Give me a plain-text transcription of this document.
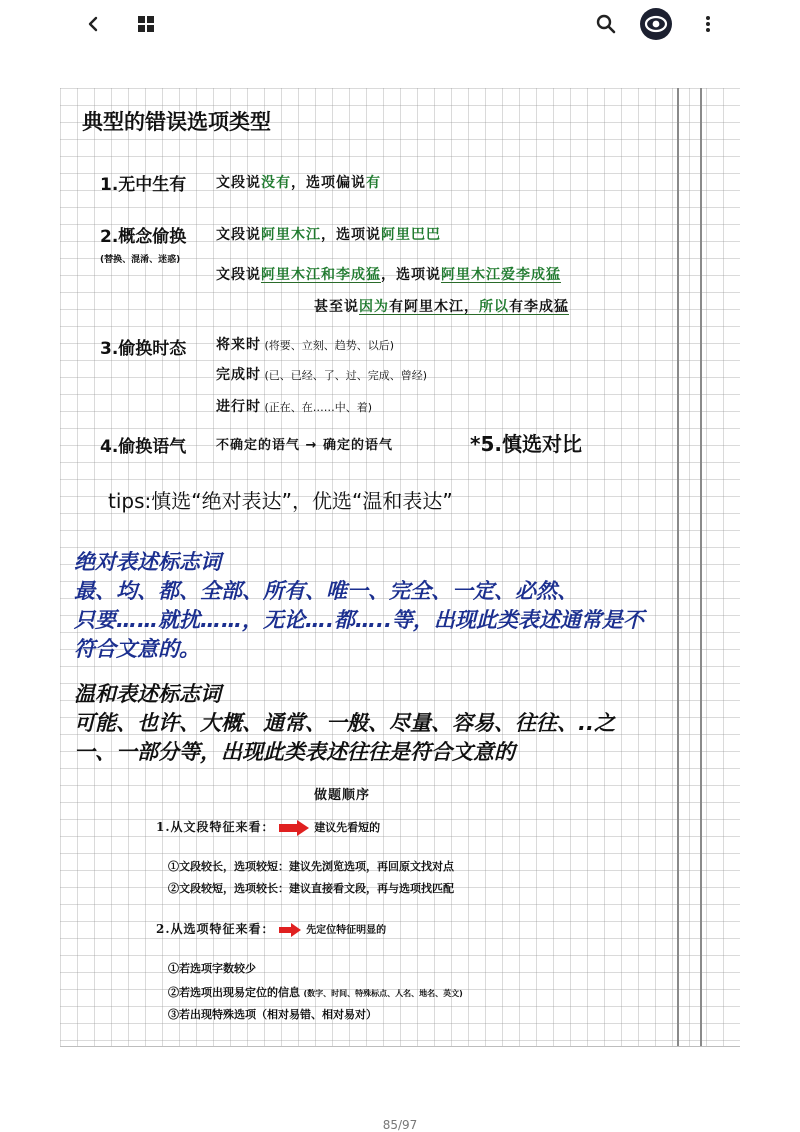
典型的错误选项类型
1.无中生有 文段说没有，选项偏说有
2.概念偷换
(替换、混淆、迷惑)
文段说阿里木江，选项说阿里巴巴
文段说阿里木江和李成猛，选项说阿里木江爱李成猛
甚至说因为有阿里木江，所以有李成猛
3.偷换时态 将来时 (将要、立刻、趋势、以后)
完成时 (已、已经、了、过、完成、曾经)
进行时 (正在、在……中、着)
4.偷换语气 不确定的语气 → 确定的语气	*5.慎选对比
tips:慎选“绝对表达”，优选“温和表达”
绝对表述标志词
最、均、都、全部、所有、唯一、完全、一定、必然、
只要……就扰……，无论….都…..等，出现此类表述通常是不
符合文意的。
温和表述标志词
可能、也许、大概、通常、一般、尽量、容易、往往、..之
一、一部分等，出现此类表述往往是符合文意的
做题顺序
1.从文段特征来看：	建议先看短的
①文段较长，选项较短：建议先浏览选项，再回原文找对点
②文段较短，选项较长：建议直接看文段，再与选项找匹配
2.从选项特征来看：	先定位特征明显的
①若选项字数较少
②若选项出现易定位的信息 (数字、时间、特殊标点、人名、地名、英文)
③若出现特殊选项（相对易错、相对易对）
85/97
